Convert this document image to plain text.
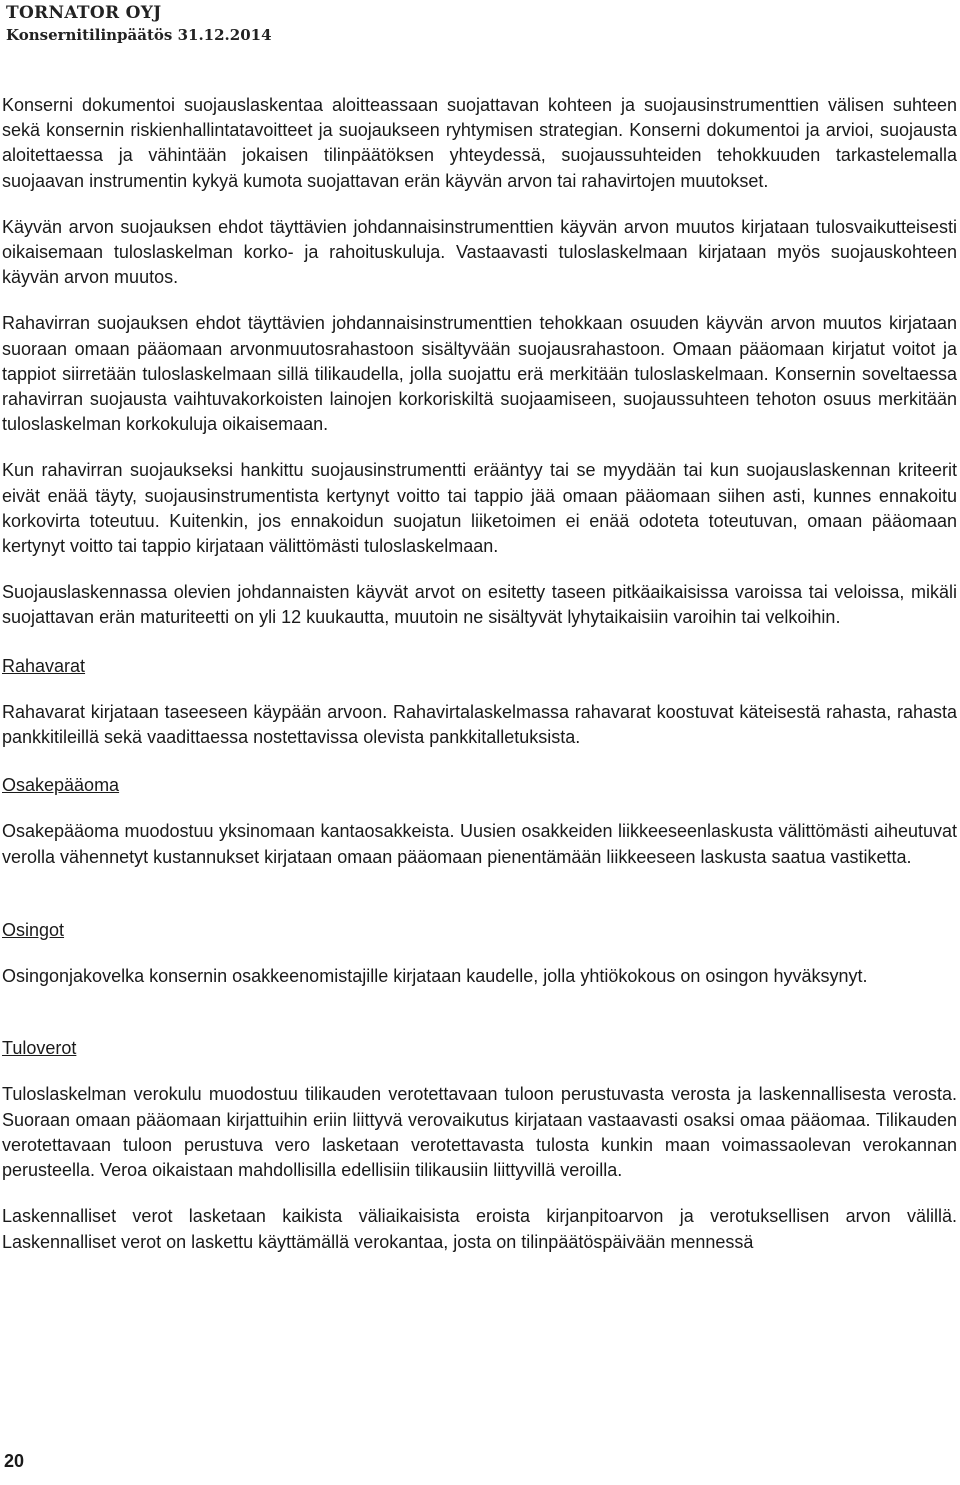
TORNATOR OYJ
Konsernitilinpäätös 31.12.2014

Konserni dokumentoi suojauslaskentaa aloitteassaan suojattavan kohteen ja suojausinstrumenttien välisen suhteen sekä konsernin riskienhallintatavoitteet ja suojaukseen ryhtymisen strategian. Konserni dokumentoi ja arvioi, suojausta aloitettaessa ja vähintään jokaisen tilinpäätöksen yhteydessä, suojaussuhteiden tehokkuuden tarkastelemalla suojaavan instrumentin kykyä kumota suojattavan erän käyvän arvon tai rahavirtojen muutokset.

Käyvän arvon suojauksen ehdot täyttävien johdannaisinstrumenttien käyvän arvon muutos kirjataan tulosvaikutteisesti oikaisemaan tuloslaskelman korko- ja rahoituskuluja. Vastaavasti tuloslaskelmaan kirjataan myös suojauskohteen käyvän arvon muutos.

Rahavirran suojauksen ehdot täyttävien johdannaisinstrumenttien tehokkaan osuuden käyvän arvon muutos kirjataan suoraan omaan pääomaan arvonmuutosrahastoon sisältyvään suojausrahastoon. Omaan pääomaan kirjatut voitot ja tappiot siirretään tuloslaskelmaan sillä tilikaudella, jolla suojattu erä merkitään tuloslaskelmaan. Konsernin soveltaessa rahavirran suojausta vaihtuvakorkoisten lainojen korkoriskiltä suojaamiseen, suojaussuhteen tehoton osuus merkitään tuloslaskelman korkokuluja oikaisemaan.

Kun rahavirran suojaukseksi hankittu suojausinstrumentti erääntyy tai se myydään tai kun suojauslaskennan kriteerit eivät enää täyty, suojausinstrumentista kertynyt voitto tai tappio jää omaan pääomaan siihen asti, kunnes ennakoitu korkovirta toteutuu. Kuitenkin, jos ennakoidun suojatun liiketoimen ei enää odoteta toteutuvan, omaan pääomaan kertynyt voitto tai tappio kirjataan välittömästi tuloslaskelmaan.

Suojauslaskennassa olevien johdannaisten käyvät arvot on esitetty taseen pitkäaikaisissa varoissa tai veloissa, mikäli suojattavan erän maturiteetti on yli 12 kuukautta, muutoin ne sisältyvät lyhytaikaisiin varoihin tai velkoihin.

Rahavarat

Rahavarat kirjataan taseeseen käypään arvoon. Rahavirtalaskelmassa rahavarat koostuvat käteisestä rahasta, rahasta pankkitileillä sekä vaadittaessa nostettavissa olevista pankkitalletuksista.

Osakepääoma

Osakepääoma muodostuu yksinomaan kantaosakkeista. Uusien osakkeiden liikkeeseenlaskusta välittömästi aiheutuvat verolla vähennetyt kustannukset kirjataan omaan pääomaan pienentämään liikkeeseen laskusta saatua vastiketta.

Osingot

Osingonjakovelka konsernin osakkeenomistajille kirjataan kaudelle, jolla yhtiökokous on osingon hyväksynyt.

Tuloverot

Tuloslaskelman verokulu muodostuu tilikauden verotettavaan tuloon perustuvasta verosta ja laskennallisesta verosta. Suoraan omaan pääomaan kirjattuihin eriin liittyvä verovaikutus kirjataan vastaavasti osaksi omaa pääomaa. Tilikauden verotettavaan tuloon perustuva vero lasketaan verotettavasta tulosta kunkin maan voimassaolevan verokannan perusteella. Veroa oikaistaan mahdollisilla edellisiin tilikausiin liittyvillä veroilla.

Laskennalliset verot lasketaan kaikista väliaikaisista eroista kirjanpitoarvon ja verotuksellisen arvon välillä. Laskennalliset verot on laskettu käyttämällä verokantaa, josta on tilinpäätöspäivään mennessä

20
